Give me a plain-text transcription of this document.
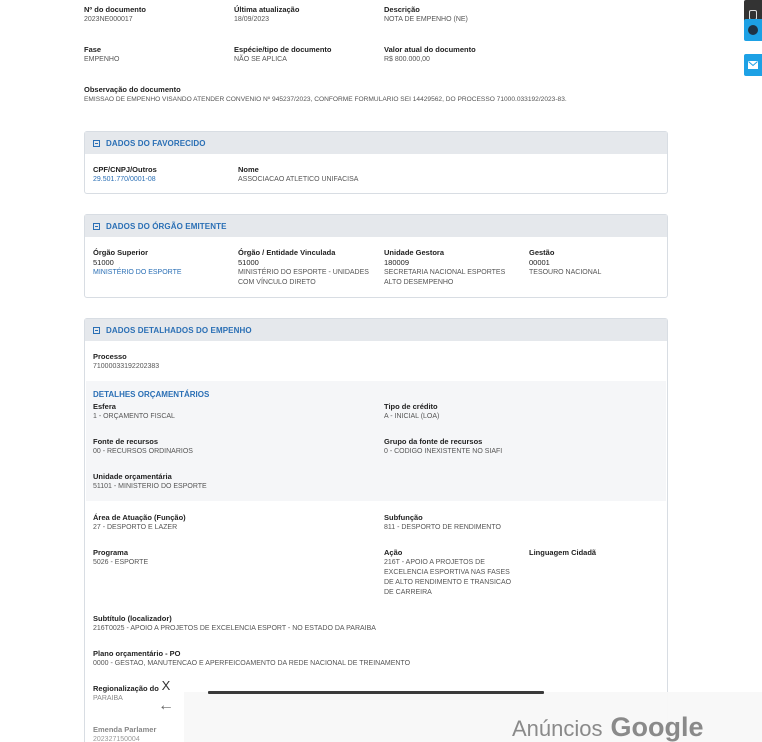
Nº do documento
2023NE000017
Última atualização
18/09/2023
Descrição
NOTA DE EMPENHO (NE)
Fase
EMPENHO
Espécie/tipo de documento
NÃO SE APLICA
Valor atual do documento
R$ 800.000,00
Observação do documento
EMISSAO DE EMPENHO VISANDO ATENDER CONVENIO Nº 945237/2023, CONFORME FORMULARIO SEI 14429562, DO PROCESSO 71000.033192/2023-83.
DADOS DO FAVORECIDO
CPF/CNPJ/Outros
29.501.770/0001-08
Nome
ASSOCIACAO ATLETICO UNIFACISA
DADOS DO ÓRGÃO EMITENTE
Órgão Superior
51000
MINISTÉRIO DO ESPORTE
Órgão / Entidade Vinculada
51000
MINISTÉRIO DO ESPORTE - UNIDADES COM VÍNCULO DIRETO
Unidade Gestora
180009
SECRETARIA NACIONAL ESPORTES ALTO DESEMPENHO
Gestão
00001
TESOURO NACIONAL
DADOS DETALHADOS DO EMPENHO
Processo
71000033192202383
DETALHES ORÇAMENTÁRIOS
Esfera
1 - ORÇAMENTO FISCAL
Tipo de crédito
A - INICIAL (LOA)
Fonte de recursos
00 - RECURSOS ORDINARIOS
Grupo da fonte de recursos
0 - CODIGO INEXISTENTE NO SIAFI
Unidade orçamentária
51101 - MINISTERIO DO ESPORTE
Área de Atuação (Função)
27 - DESPORTO E LAZER
Subfunção
811 - DESPORTO DE RENDIMENTO
Programa
5026 - ESPORTE
Ação
216T - APOIO A PROJETOS DE EXCELENCIA ESPORTIVA NAS FASES DE ALTO RENDIMENTO E TRANSICAO DE CARREIRA
Linguagem Cidadã
Subtítulo (localizador)
216T0025 - APOIO A PROJETOS DE EXCELENCIA ESPORT - NO ESTADO DA PARAIBA
Plano orçamentário - PO
0000 - GESTAO, MANUTENCAO E APERFEICOAMENTO DA REDE NACIONAL DE TREINAMENTO
Regionalização do
PARAIBA
Emenda Parlamer
202327150004
X
←
Anúncios Google
